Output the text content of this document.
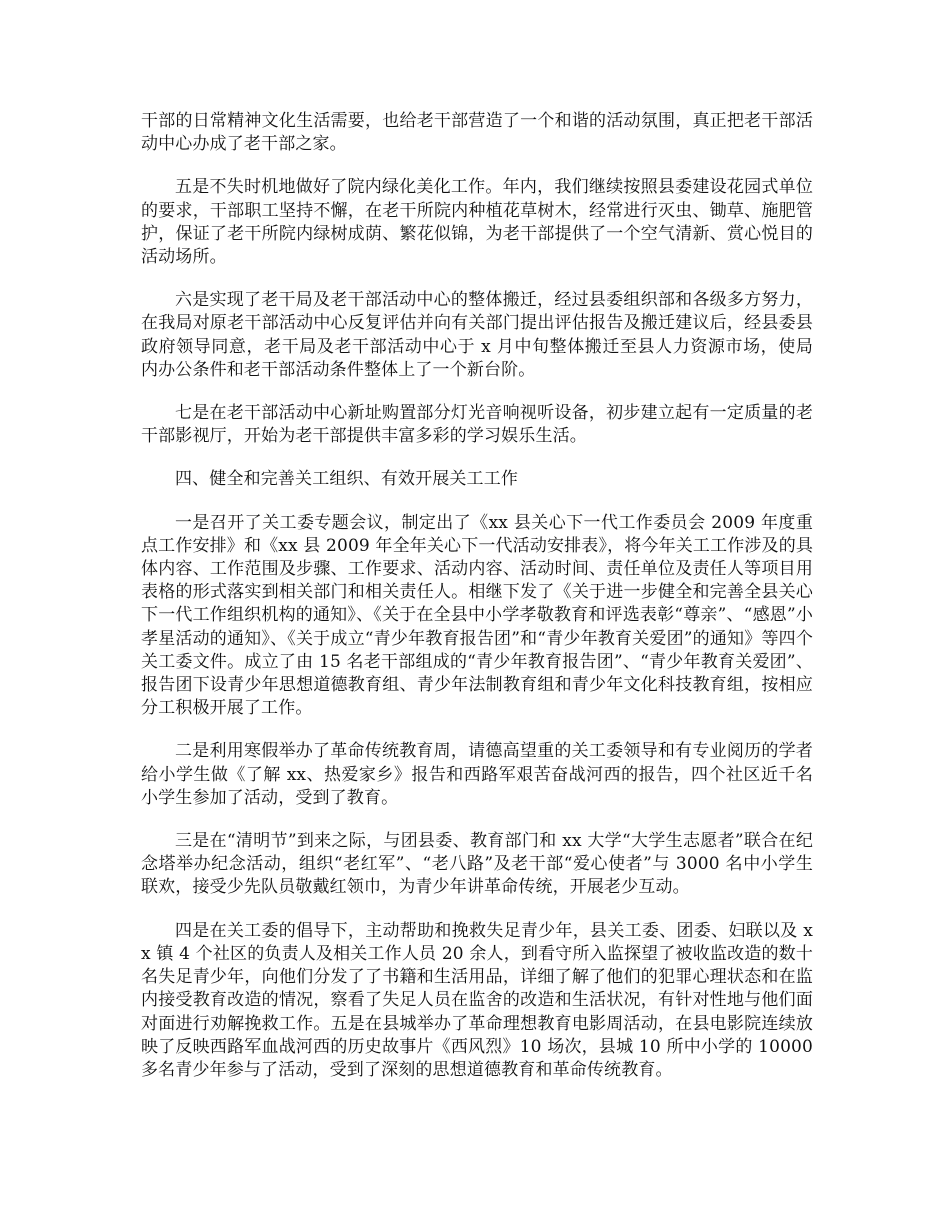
干部的日常精神文化生活需要，也给老干部营造了一个和谐的活动氛围，真正把老干部活动中心办成了老干部之家。

五是不失时机地做好了院内绿化美化工作。年内，我们继续按照县委建设花园式单位的要求，干部职工坚持不懈，在老干所院内种植花草树木，经常进行灭虫、锄草、施肥管护，保证了老干所院内绿树成荫、繁花似锦，为老干部提供了一个空气清新、赏心悦目的活动场所。

六是实现了老干局及老干部活动中心的整体搬迁，经过县委组织部和各级多方努力，在我局对原老干部活动中心反复评估并向有关部门提出评估报告及搬迁建议后，经县委县政府领导同意，老干局及老干部活动中心于 x 月中旬整体搬迁至县人力资源市场，使局内办公条件和老干部活动条件整体上了一个新台阶。

七是在老干部活动中心新址购置部分灯光音响视听设备，初步建立起有一定质量的老干部影视厅，开始为老干部提供丰富多彩的学习娱乐生活。

四、健全和完善关工组织、有效开展关工工作

一是召开了关工委专题会议，制定出了《xx 县关心下一代工作委员会 2009 年度重点工作安排》和《xx 县 2009 年全年关心下一代活动安排表》，将今年关工工作涉及的具体内容、工作范围及步骤、工作要求、活动内容、活动时间、责任单位及责任人等项目用表格的形式落实到相关部门和相关责任人。相继下发了《关于进一步健全和完善全县关心下一代工作组织机构的通知》、《关于在全县中小学孝敬教育和评选表彰“尊亲”、“感恩”小孝星活动的通知》、《关于成立“青少年教育报告团”和“青少年教育关爱团”的通知》等四个关工委文件。成立了由 15 名老干部组成的“青少年教育报告团”、“青少年教育关爱团”、报告团下设青少年思想道德教育组、青少年法制教育组和青少年文化科技教育组，按相应分工积极开展了工作。

二是利用寒假举办了革命传统教育周，请德高望重的关工委领导和有专业阅历的学者给小学生做《了解 xx、热爱家乡》报告和西路军艰苦奋战河西的报告，四个社区近千名小学生参加了活动，受到了教育。

三是在“清明节”到来之际，与团县委、教育部门和 xx 大学“大学生志愿者”联合在纪念塔举办纪念活动，组织“老红军”、“老八路”及老干部“爱心使者”与 3000 名中小学生联欢，接受少先队员敬戴红领巾，为青少年讲革命传统，开展老少互动。

四是在关工委的倡导下，主动帮助和挽救失足青少年，县关工委、团委、妇联以及 xx 镇 4 个社区的负责人及相关工作人员 20 余人，到看守所入监探望了被收监改造的数十名失足青少年，向他们分发了了书籍和生活用品，详细了解了他们的犯罪心理状态和在监内接受教育改造的情况，察看了失足人员在监舍的改造和生活状况，有针对性地与他们面对面进行劝解挽救工作。五是在县城举办了革命理想教育电影周活动，在县电影院连续放映了反映西路军血战河西的历史故事片《西风烈》10 场次，县城 10 所中小学的 10000 多名青少年参与了活动，受到了深刻的思想道德教育和革命传统教育。
